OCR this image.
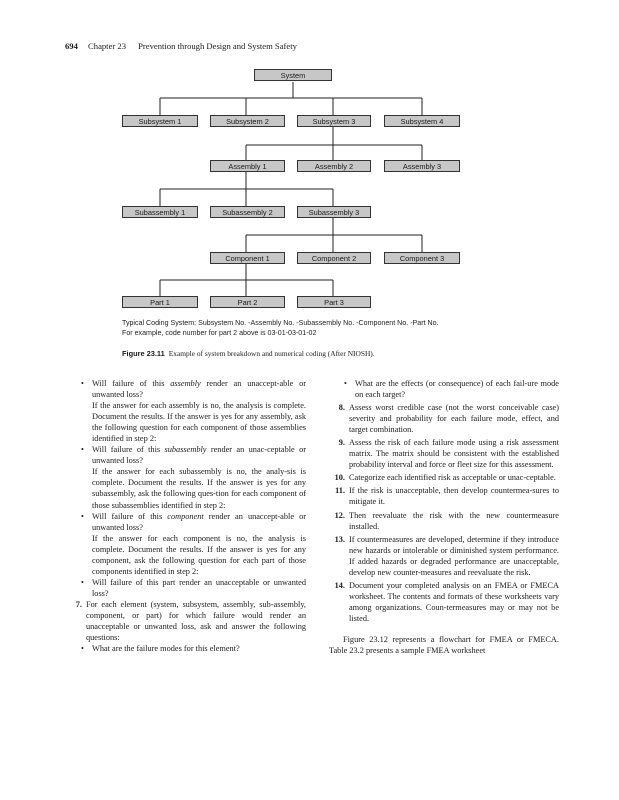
694 Chapter 23 Prevention through Design and System Safety
System
Subsystem 1	Subsystem 2	Subsystem 3	Subsystem 4
Assembly 1	Assembly 2	Assembly 3
Subassembly 1	Subassembly 2	Subassembly 3
Component 1	Component 2	Component 3
Part 1	Part 2	Part 3
Typical Coding System: Subsystem No. -Assembly No. -Subassembly No. -Component No. -Part No.
For example, code number for part 2 above is 03-01-03-01-02
Figure 23.11 Example of system breakdown and numerical coding (After NIOSH).

• Will failure of this assembly render an unaccept-able or unwanted loss?

If the answer for each assembly is no, the analysis is complete. Document the results. If the answer is yes for any assembly, ask the following question for each component of those assemblies identified in step 2:

• Will failure of this subassembly render an unac-ceptable or unwanted loss?

If the answer for each subassembly is no, the analy-sis is complete. Document the results. If the answer is yes for any subassembly, ask the following ques-tion for each component of those subassemblies identified in step 2:

• Will failure of this component render an unaccept-able or unwanted loss?

If the answer for each component is no, the analysis is complete. Document the results. If the answer is yes for any component, ask the following question for each part of those components identified in step 2:

• Will failure of this part render an unacceptable or unwanted loss?

7. For each element (system, subsystem, assembly, sub-assembly, component, or part) for which failure would render an unacceptable or unwanted loss, ask and answer the following questions:

• What are the failure modes for this element?

• What are the effects (or consequence) of each fail-ure mode on each target?

8. Assess worst credible case (not the worst conceivable case) severity and probability for each failure mode, effect, and target combination.

9. Assess the risk of each failure mode using a risk assessment matrix. The matrix should be consistent with the established probability interval and force or fleet size for this assessment.

10. Categorize each identified risk as acceptable or unac-ceptable.

11. If the risk is unacceptable, then develop countermea-sures to mitigate it.

12. Then reevaluate the risk with the new countermeasure installed.

13. If countermeasures are developed, determine if they introduce new hazards or intolerable or diminished system performance. If added hazards or degraded performance are unacceptable, develop new counter-measures and reevaluate the risk.

14. Document your completed analysis on an FMEA or FMECA worksheet. The contents and formats of these worksheets vary among organizations. Coun-termeasures may or may not be listed.

Figure 23.12 represents a flowchart for FMEA or FMECA. Table 23.2 presents a sample FMEA worksheet
